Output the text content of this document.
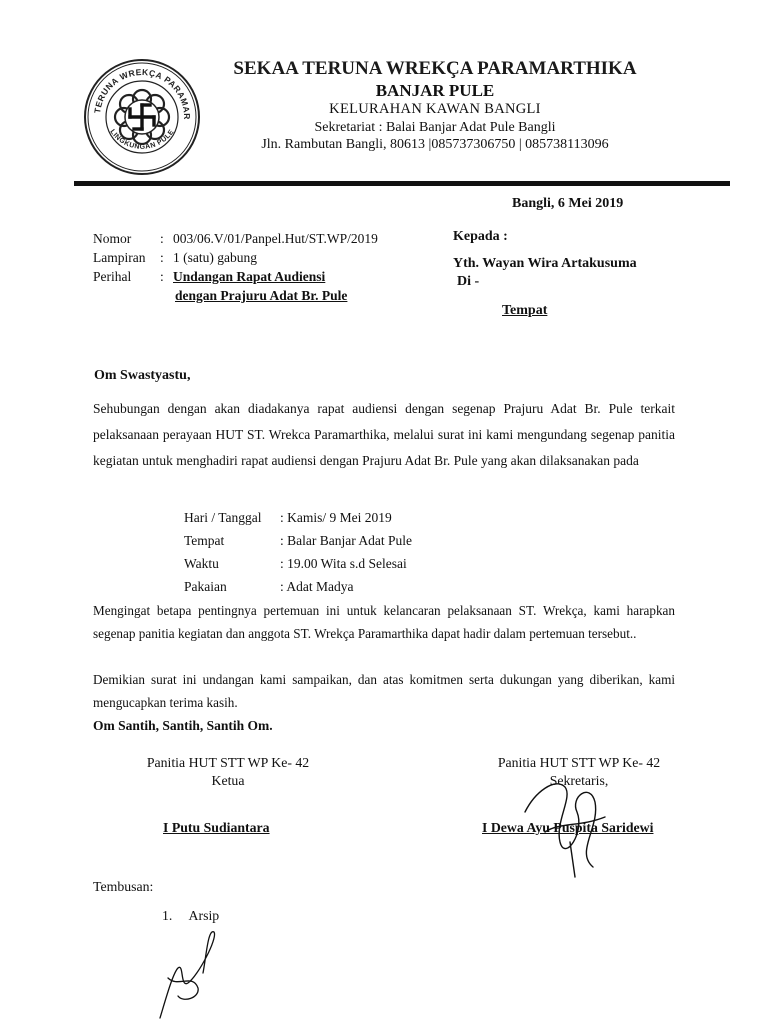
TERUNA WREKÇA PARAMAR
LINGKUNGAN PULE
SEKAA TERUNA WREKÇA PARAMARTHIKA
BANJAR PULE
KELURAHAN KAWAN BANGLI
Sekretariat : Balai Banjar Adat Pule Bangli
Jln. Rambutan Bangli, 80613 |085737306750 | 085738113096
Bangli, 6 Mei 2019
Nomor	: 003/06.V/01/Panpel.Hut/ST.WP/2019
Lampiran	: 1 (satu) gabung
Perihal	: Undangan Rapat Audiensi
dengan Prajuru Adat Br. Pule
Kepada :
Yth. Wayan Wira Artakusuma
Di -
Tempat
Om Swastyastu,
Sehubungan dengan akan diadakanya rapat audiensi dengan segenap Prajuru Adat Br. Pule terkait pelaksanaan perayaan HUT ST. Wrekca Paramarthika, melalui surat ini kami mengundang segenap panitia kegiatan untuk menghadiri rapat audiensi dengan Prajuru Adat Br. Pule yang akan dilaksanakan pada
Hari / Tanggal : Kamis/ 9 Mei 2019
Tempat	: Balar Banjar Adat Pule
Waktu	: 19.00 Wita s.d Selesai
Pakaian	: Adat Madya
Mengingat betapa pentingnya pertemuan ini untuk kelancaran pelaksanaan ST. Wrekça, kami harapkan segenap panitia kegiatan dan anggota ST. Wrekça Paramarthika dapat hadir dalam pertemuan tersebut..
Demikian surat ini undangan kami sampaikan, dan atas komitmen serta dukungan yang diberikan, kami mengucapkan terima kasih.
Om Santih, Santih, Santih Om.
Panitia HUT STT WP Ke- 42
Ketua
I Putu Sudiantara
Panitia HUT STT WP Ke- 42
Sekretaris,
I Dewa Ayu Puspita Saridewi
Tembusan:
1. Arsip
